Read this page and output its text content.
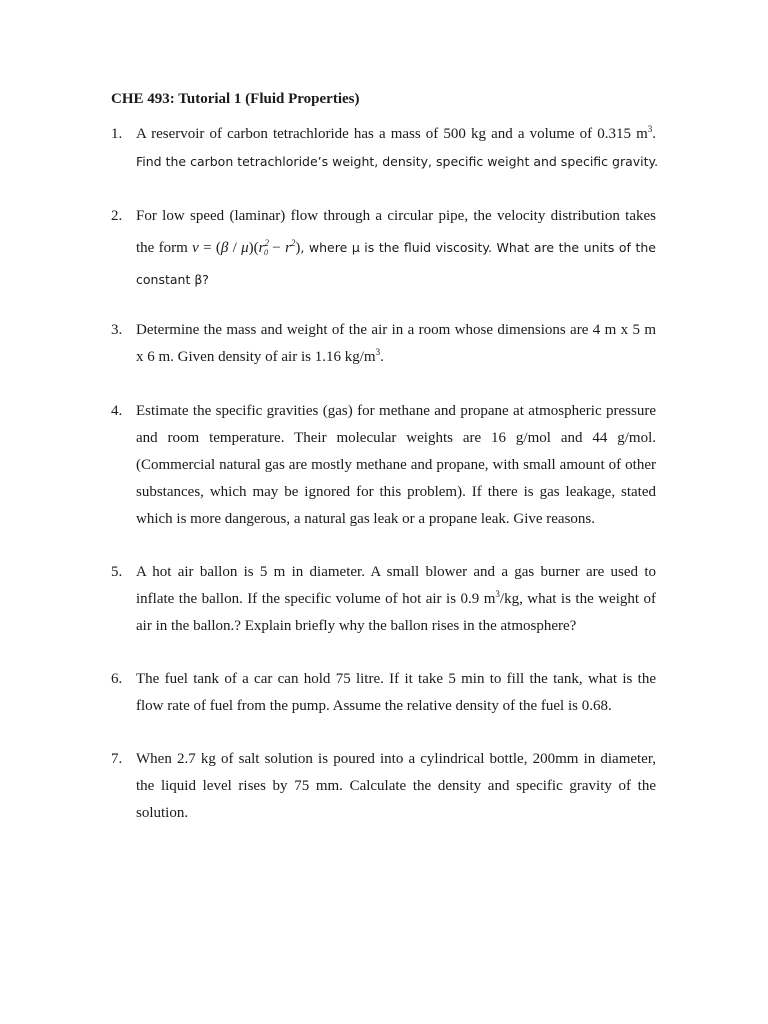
CHE 493: Tutorial 1 (Fluid Properties)
1. A reservoir of carbon tetrachloride has a mass of 500 kg and a volume of 0.315 $m^3$.
Find the carbon tetrachloride’s weight, density, specific weight and specific gravity.
2. For low speed (laminar) flow through a circular pipe, the velocity distribution takes
the form $v = (\beta / \mu)(r^2_0 - r^2)$, where μ is the fluid viscosity. What are the units of the
constant β?
3. Determine the mass and weight of the air in a room whose dimensions are 4 m x 5 m
x 6 m. Given density of air is 1.16 $kg/m^3$.
4. Estimate the specific gravities (gas) for methane and propane at atmospheric pressure
and room temperature. Their molecular weights are 16 g/mol and 44 g/mol.
(Commercial natural gas are mostly methane and propane, with small amount of other
substances, which may be ignored for this problem). If there is gas leakage, stated
which is more dangerous, a natural gas leak or a propane leak. Give reasons.
5. A hot air ballon is 5 m in diameter. A small blower and a gas burner are used to
inflate the ballon. If the specific volume of hot air is 0.9 $m^3/kg$, what is the weight of
air in the ballon.? Explain briefly why the ballon rises in the atmosphere?
6. The fuel tank of a car can hold 75 litre. If it take 5 min to fill the tank, what is the
flow rate of fuel from the pump. Assume the relative density of the fuel is 0.68.
7. When 2.7 kg of salt solution is poured into a cylindrical bottle, 200mm in diameter,
the liquid level rises by 75 mm. Calculate the density and specific gravity of the
solution.
